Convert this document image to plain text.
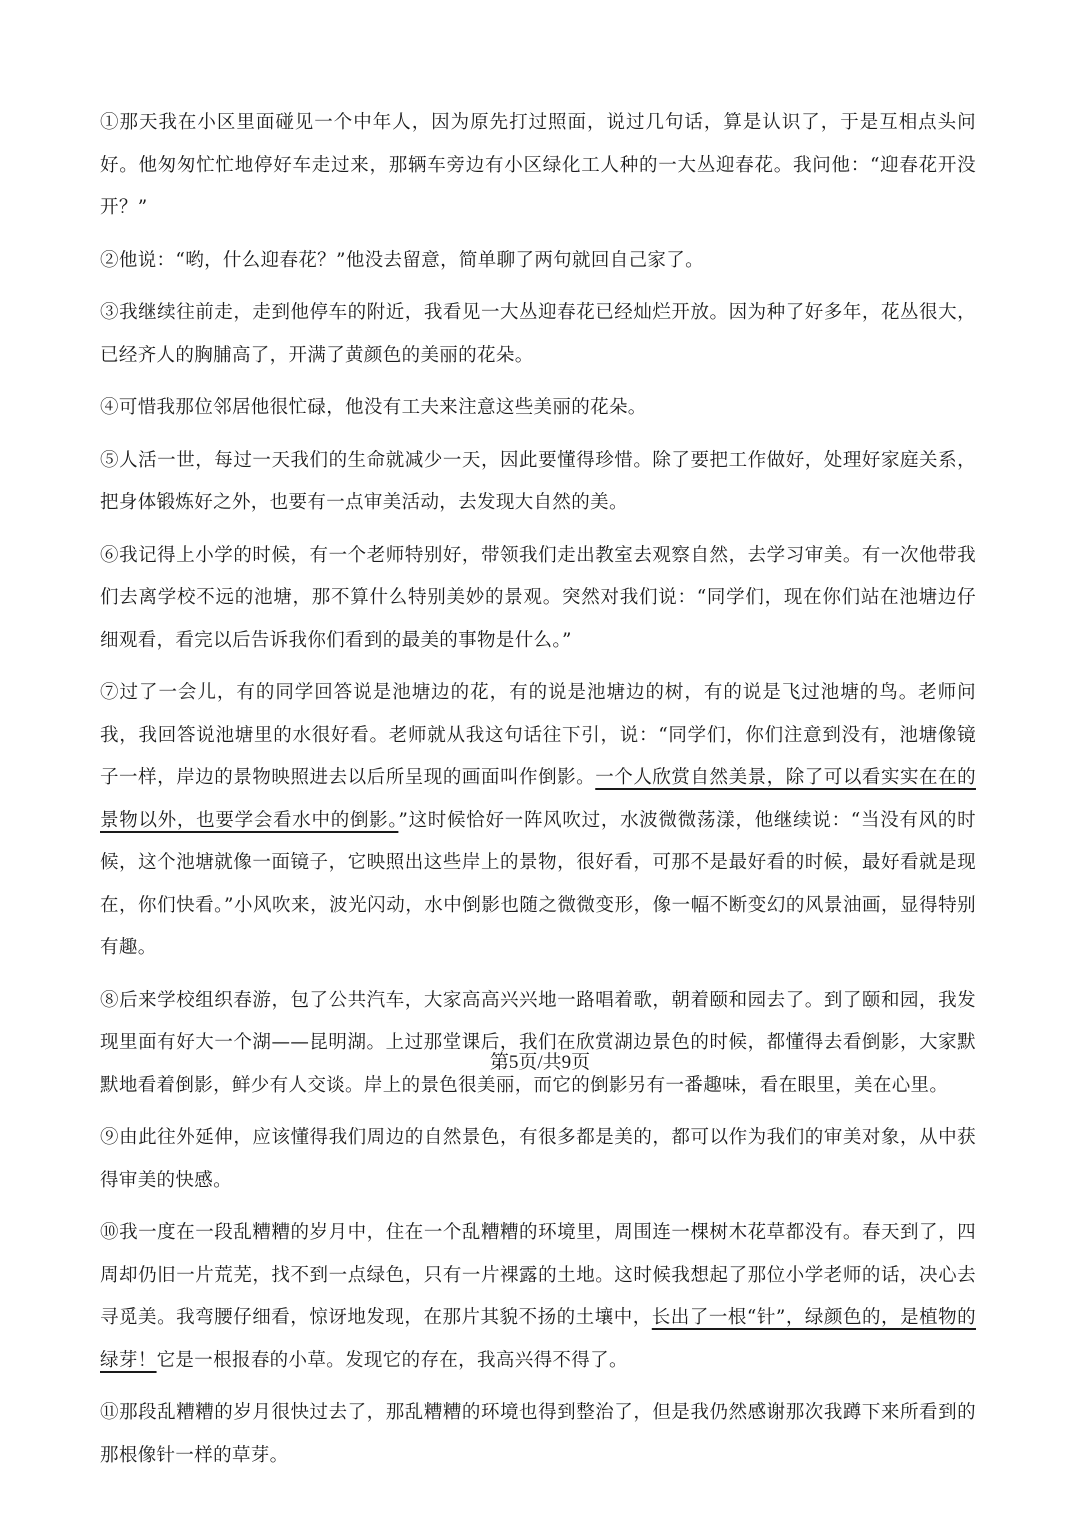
①那天我在小区里面碰见一个中年人，因为原先打过照面，说过几句话，算是认识了，于是互相点头问好。他匆匆忙忙地停好车走过来，那辆车旁边有小区绿化工人种的一大丛迎春花。我问他：“迎春花开没开？”

②他说：“哟，什么迎春花？”他没去留意，简单聊了两句就回自己家了。

③我继续往前走，走到他停车的附近，我看见一大丛迎春花已经灿烂开放。因为种了好多年，花丛很大，已经齐人的胸脯高了，开满了黄颜色的美丽的花朵。

④可惜我那位邻居他很忙碌，他没有工夫来注意这些美丽的花朵。

⑤人活一世，每过一天我们的生命就减少一天，因此要懂得珍惜。除了要把工作做好，处理好家庭关系，把身体锻炼好之外，也要有一点审美活动，去发现大自然的美。

⑥我记得上小学的时候，有一个老师特别好，带领我们走出教室去观察自然，去学习审美。有一次他带我们去离学校不远的池塘，那不算什么特别美妙的景观。突然对我们说：“同学们，现在你们站在池塘边仔细观看，看完以后告诉我你们看到的最美的事物是什么。”

⑦过了一会儿，有的同学回答说是池塘边的花，有的说是池塘边的树，有的说是飞过池塘的鸟。老师问我，我回答说池塘里的水很好看。老师就从我这句话往下引，说：“同学们，你们注意到没有，池塘像镜子一样，岸边的景物映照进去以后所呈现的画面叫作倒影。一个人欣赏自然美景，除了可以看实实在在的景物以外，也要学会看水中的倒影。”这时候恰好一阵风吹过，水波微微荡漾，他继续说：“当没有风的时候，这个池塘就像一面镜子，它映照出这些岸上的景物，很好看，可那不是最好看的时候，最好看就是现在，你们快看。”小风吹来，波光闪动，水中倒影也随之微微变形，像一幅不断变幻的风景油画，显得特别有趣。

⑧后来学校组织春游，包了公共汽车，大家高高兴兴地一路唱着歌，朝着颐和园去了。到了颐和园，我发现里面有好大一个湖——昆明湖。上过那堂课后，我们在欣赏湖边景色的时候，都懂得去看倒影，大家默默地看着倒影，鲜少有人交谈。岸上的景色很美丽，而它的倒影另有一番趣味，看在眼里，美在心里。

⑨由此往外延伸，应该懂得我们周边的自然景色，有很多都是美的，都可以作为我们的审美对象，从中获得审美的快感。

⑩我一度在一段乱糟糟的岁月中，住在一个乱糟糟的环境里，周围连一棵树木花草都没有。春天到了，四周却仍旧一片荒芜，找不到一点绿色，只有一片裸露的土地。这时候我想起了那位小学老师的话，决心去寻觅美。我弯腰仔细看，惊讶地发现，在那片其貌不扬的土壤中，长出了一根“针”，绿颜色的，是植物的绿芽！它是一根报春的小草。发现它的存在，我高兴得不得了。

⑪那段乱糟糟的岁月很快过去了，那乱糟糟的环境也得到整治了，但是我仍然感谢那次我蹲下来所看到的那根像针一样的草芽。

第5页/共9页
